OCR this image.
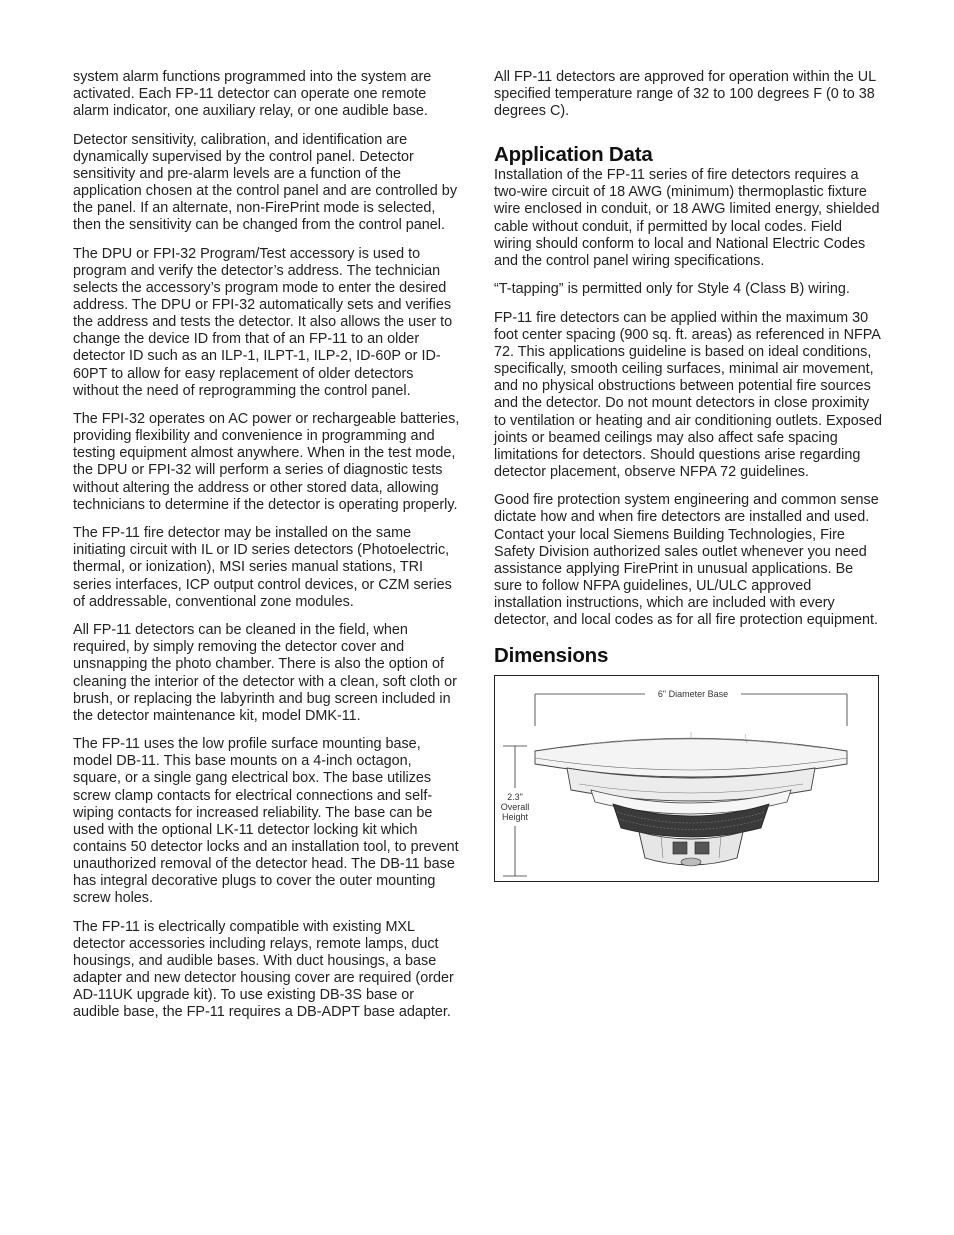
system alarm functions programmed into the system are activated. Each FP-11 detector can operate one remote alarm indicator, one auxiliary relay, or one audible base.

Detector sensitivity, calibration, and identification are dynamically supervised by the control panel. Detector sensitivity and pre-alarm levels are a function of the application chosen at the control panel and are controlled by the panel. If an alternate, non-FirePrint mode is selected, then the sensitivity can be changed from the control panel.

The DPU or FPI-32 Program/Test accessory is used to program and verify the detector’s address. The technician selects the accessory’s program mode to enter the desired address. The DPU or FPI-32 automatically sets and verifies the address and tests the detector. It also allows the user to change the device ID from that of an FP-11 to an older detector ID such as an ILP-1, ILPT-1, ILP-2, ID-60P or ID-60PT to allow for easy replacement of older detectors without the need of reprogramming the control panel.

The FPI-32 operates on AC power or rechargeable batteries, providing flexibility and convenience in programming and testing equipment almost anywhere. When in the test mode, the DPU or FPI-32 will perform a series of diagnostic tests without altering the address or other stored data, allowing technicians to determine if the detector is operating properly.

The FP-11 fire detector may be installed on the same initiating circuit with IL or ID series detectors (Photoelectric, thermal, or ionization), MSI series manual stations, TRI series interfaces, ICP output control devices, or CZM series of addressable, conventional zone modules.

All FP-11 detectors can be cleaned in the field, when required, by simply removing the detector cover and unsnapping the photo chamber. There is also the option of cleaning the interior of the detector with a clean, soft cloth or brush, or replacing the labyrinth and bug screen included in the detector maintenance kit, model DMK-11.

The FP-11 uses the low profile surface mounting base, model DB-11. This base mounts on a 4-inch octagon, square, or a single gang electrical box. The base utilizes screw clamp contacts for electrical connections and self-wiping contacts for increased reliability. The base can be used with the optional LK-11 detector locking kit which contains 50 detector locks and an installation tool, to prevent unauthorized removal of the detector head. The DB-11 base has integral decorative plugs to cover the outer mounting screw holes.

The FP-11 is electrically compatible with existing MXL detector accessories including relays, remote lamps, duct housings, and audible bases. With duct housings, a base adapter and new detector housing cover are required (order AD-11UK upgrade kit). To use existing DB-3S base or audible base, the FP-11 requires a DB-ADPT base adapter.

All FP-11 detectors are approved for operation within the UL specified temperature range of 32 to 100 degrees F (0 to 38 degrees C).

Application Data

Installation of the FP-11 series of fire detectors requires a two-wire circuit of 18 AWG (minimum) thermoplastic fixture wire enclosed in conduit, or 18 AWG limited energy, shielded cable without conduit, if permitted by local codes. Field wiring should conform to local and National Electric Codes and the control panel wiring specifications.

“T-tapping” is permitted only for Style 4 (Class B) wiring.

FP-11 fire detectors can be applied within the maximum 30 foot center spacing (900 sq. ft. areas) as referenced in NFPA 72. This applications guideline is based on ideal conditions, specifically, smooth ceiling surfaces, minimal air movement, and no physical obstructions between potential fire sources and the detector. Do not mount detectors in close proximity to ventilation or heating and air conditioning outlets. Exposed joints or beamed ceilings may also affect safe spacing limitations for detectors. Should questions arise regarding detector placement, observe NFPA 72 guidelines.

Good fire protection system engineering and common sense dictate how and when fire detectors are installed and used. Contact your local Siemens Building Technologies, Fire Safety Division authorized sales outlet whenever you need assistance applying FirePrint in unusual applications. Be sure to follow NFPA guidelines, UL/ULC approved installation instructions, which are included with every detector, and local codes as for all fire protection equipment.

Dimensions
6" Diameter Base
2.3"
Overall
Height
